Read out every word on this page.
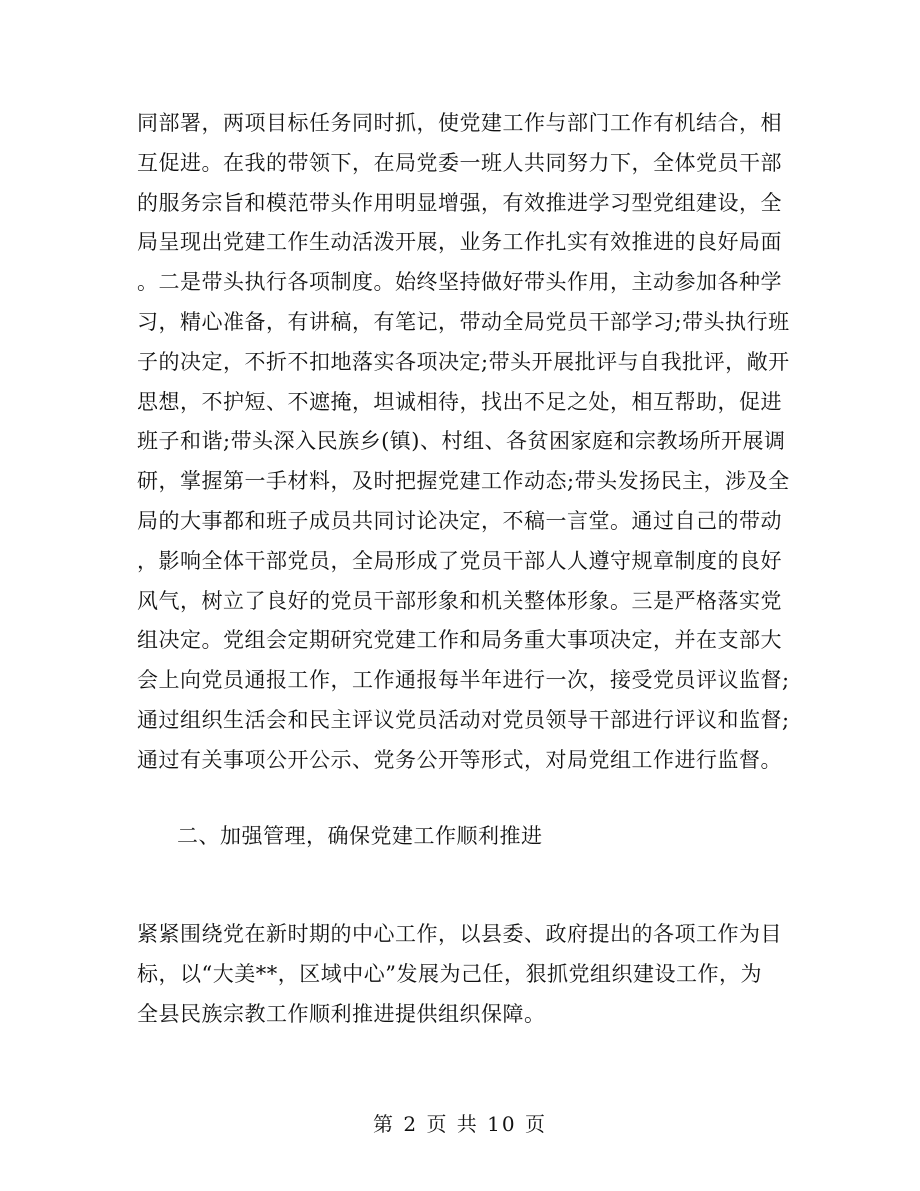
同部署，两项目标任务同时抓，使党建工作与部门工作有机结合，相
互促进。在我的带领下，在局党委一班人共同努力下，全体党员干部
的服务宗旨和模范带头作用明显增强，有效推进学习型党组建设，全
局呈现出党建工作生动活泼开展，业务工作扎实有效推进的良好局面
。二是带头执行各项制度。始终坚持做好带头作用，主动参加各种学
习，精心准备，有讲稿，有笔记，带动全局党员干部学习;带头执行班
子的决定，不折不扣地落实各项决定;带头开展批评与自我批评，敞开
思想，不护短、不遮掩，坦诚相待，找出不足之处，相互帮助，促进
班子和谐;带头深入民族乡(镇)、村组、各贫困家庭和宗教场所开展调
研，掌握第一手材料，及时把握党建工作动态;带头发扬民主，涉及全
局的大事都和班子成员共同讨论决定，不稿一言堂。通过自己的带动
，影响全体干部党员，全局形成了党员干部人人遵守规章制度的良好
风气，树立了良好的党员干部形象和机关整体形象。三是严格落实党
组决定。党组会定期研究党建工作和局务重大事项决定，并在支部大
会上向党员通报工作，工作通报每半年进行一次，接受党员评议监督;
通过组织生活会和民主评议党员活动对党员领导干部进行评议和监督;
通过有关事项公开公示、党务公开等形式，对局党组工作进行监督。
二、加强管理，确保党建工作顺利推进
紧紧围绕党在新时期的中心工作，以县委、政府提出的各项工作为目
标，以“大美**，区域中心”发展为己任，狠抓党组织建设工作，为
全县民族宗教工作顺利推进提供组织保障。
第 2 页 共 10 页
